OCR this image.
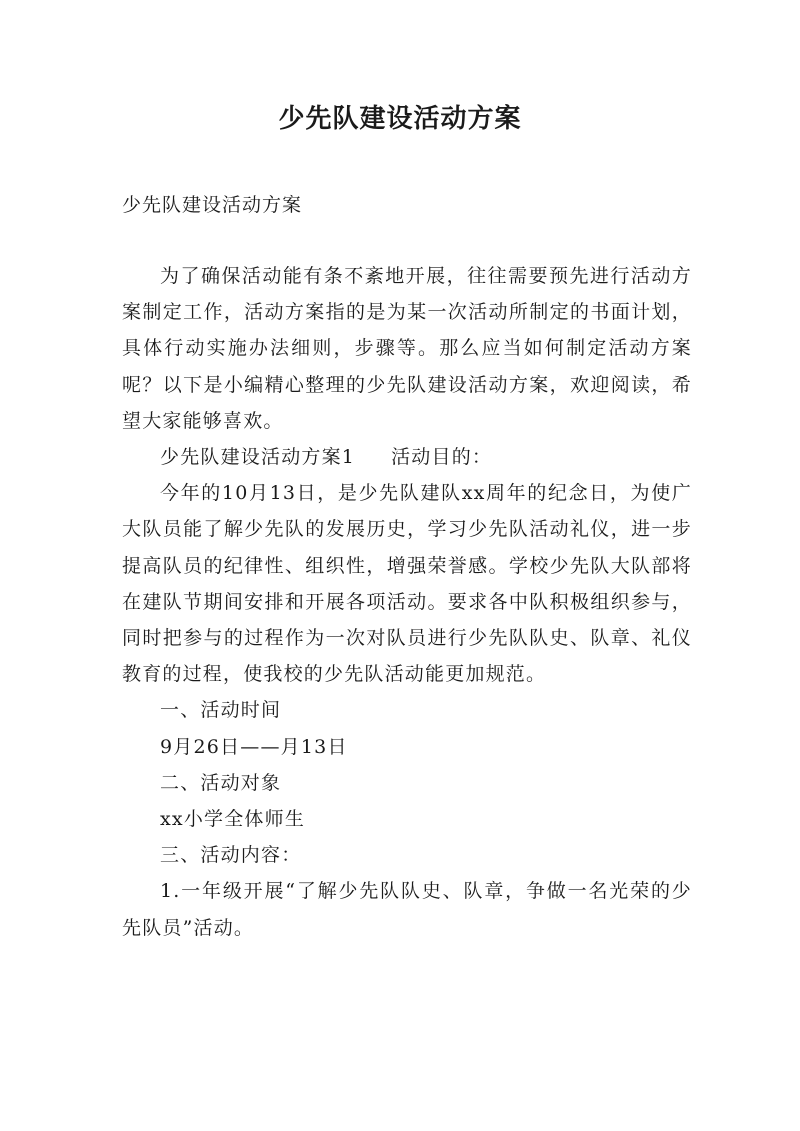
少先队建设活动方案

少先队建设活动方案

为了确保活动能有条不紊地开展，往往需要预先进行活动方案制定工作，活动方案指的是为某一次活动所制定的书面计划，具体行动实施办法细则，步骤等。那么应当如何制定活动方案呢？以下是小编精心整理的少先队建设活动方案，欢迎阅读，希望大家能够喜欢。

少先队建设活动方案1 活动目的：

今年的10月13日，是少先队建队xx周年的纪念日，为使广大队员能了解少先队的发展历史，学习少先队活动礼仪，进一步提高队员的纪律性、组织性，增强荣誉感。学校少先队大队部将在建队节期间安排和开展各项活动。要求各中队积极组织参与，同时把参与的过程作为一次对队员进行少先队队史、队章、礼仪教育的过程，使我校的少先队活动能更加规范。

一、活动时间

9月26日——月13日

二、活动对象

xx小学全体师生

三、活动内容：

1.一年级开展“了解少先队队史、队章，争做一名光荣的少先队员”活动。
